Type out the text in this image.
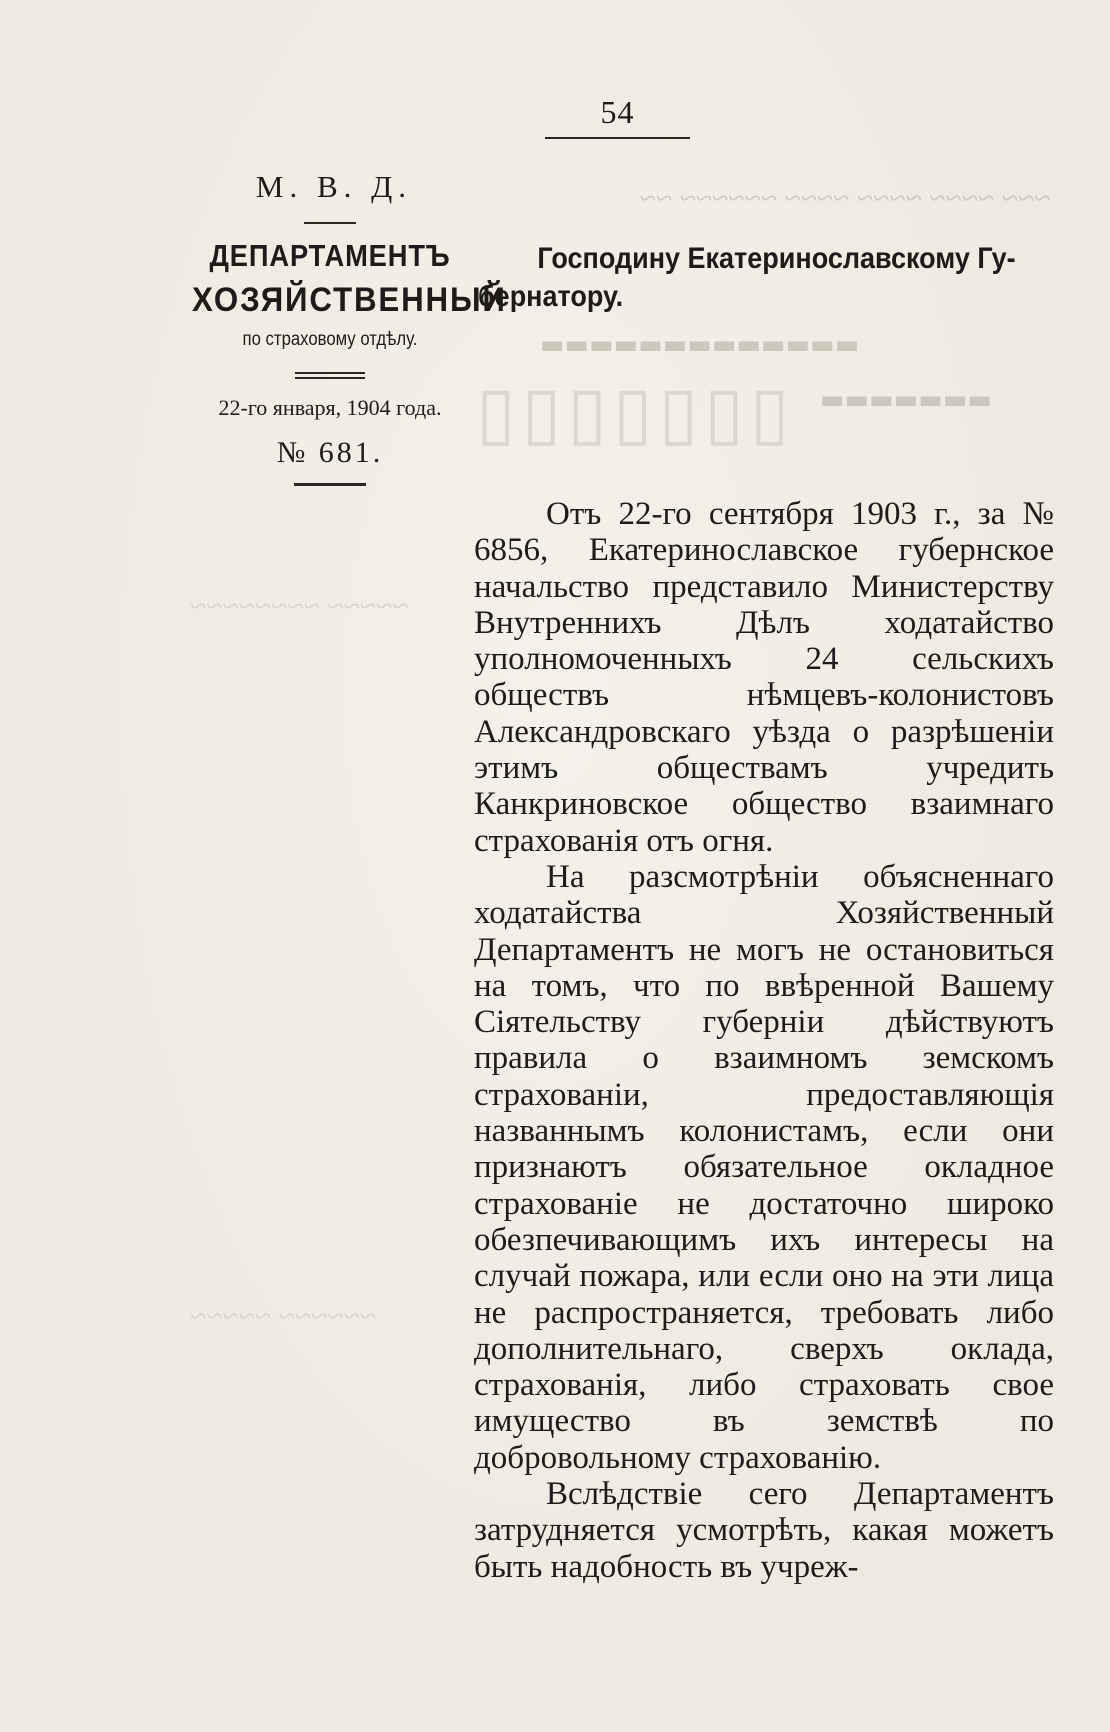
~~~ ~~~~ ~~~~ ~~~~ ~~~~~~ ~~
▬▬▬▬▬▬▬▬▬▬▬▬▬
▬▬▬▬▬▬▬
▯▯▯▯▯▯▯
~~~~~ ~~~~~~~~
~~~~~~ ~~~~~
54
М. В. Д.
ДЕПАРТАМЕНТЪ
ХОЗЯЙСТВЕННЫЙ
по страховому отдѣлу.
22-го января, 1904 года.
№ 681.
Господину Екатеринославскому Гу-
бернатору.

Отъ 22-го сентября 1903 г., за № 6856, Екатеринославское губернское начальство представило Министерству Внутреннихъ Дѣлъ ходатайство уполномоченныхъ 24 сельскихъ обществъ нѣмцевъ-колонистовъ Александровскаго уѣзда о разрѣшеніи этимъ обществамъ учредить Канкриновское общество взаимнаго страхованія отъ огня.

На разсмотрѣніи объясненнаго ходатайства Хозяйственный Департаментъ не могъ не остановиться на томъ, что по ввѣренной Вашему Сіятельству губерніи дѣйствуютъ правила о взаимномъ земскомъ страхованіи, предоставляющія названнымъ колонистамъ, если они признаютъ обязательное окладное страхованіе не достаточно широко обезпечивающимъ ихъ интересы на случай пожара, или если оно на эти лица не распространяется, требовать либо дополнительнаго, сверхъ оклада, страхованія, либо страховать свое имущество въ земствѣ по добровольному страхованію.

Вслѣдствіе сего Департаментъ затрудняется усмотрѣть, какая можетъ быть надобность въ учреж-
